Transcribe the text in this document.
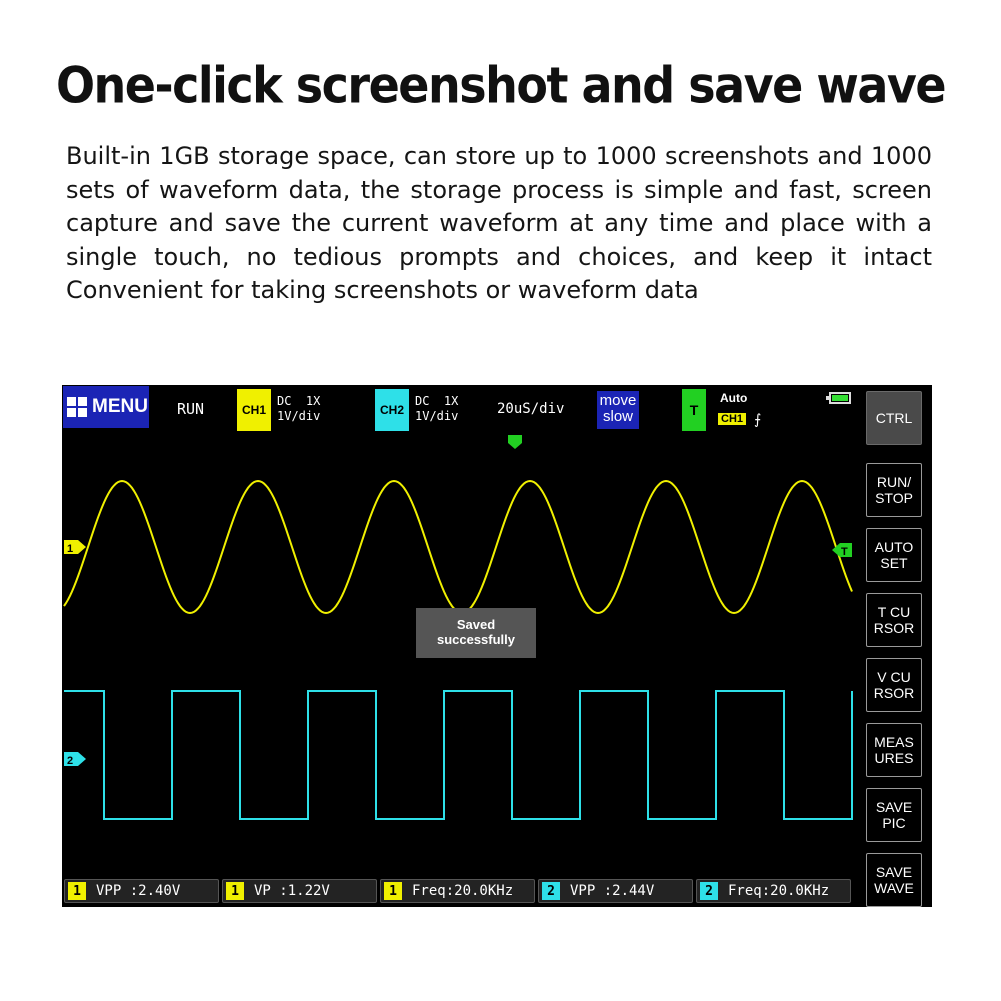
One-click screenshot and save wave
Built-in 1GB storage space, can store up to 1000 screenshots and 1000 sets of waveform data, the storage process is simple and fast, screen capture and save the current waveform at any time and place with a single touch, no tedious prompts and choices, and keep it intact Convenient for taking screenshots or waveform data
MENU RUN	CH1
DC  1X
1V/div	CH2
DC  1X
1V/div	20uS/div move
slow	T
Auto
CH1 ⨍
1
2
T
Saved
successfully
CTRL
RUN/
STOP
AUTO
SET
T CU
RSOR
V CU
RSOR
MEAS
URES
SAVE
PIC
SAVE
WAVE
1	VPP :2.40V	1	VP :1.22V	1	Freq:20.0KHz	2	VPP :2.44V	2	Freq:20.0KHz
